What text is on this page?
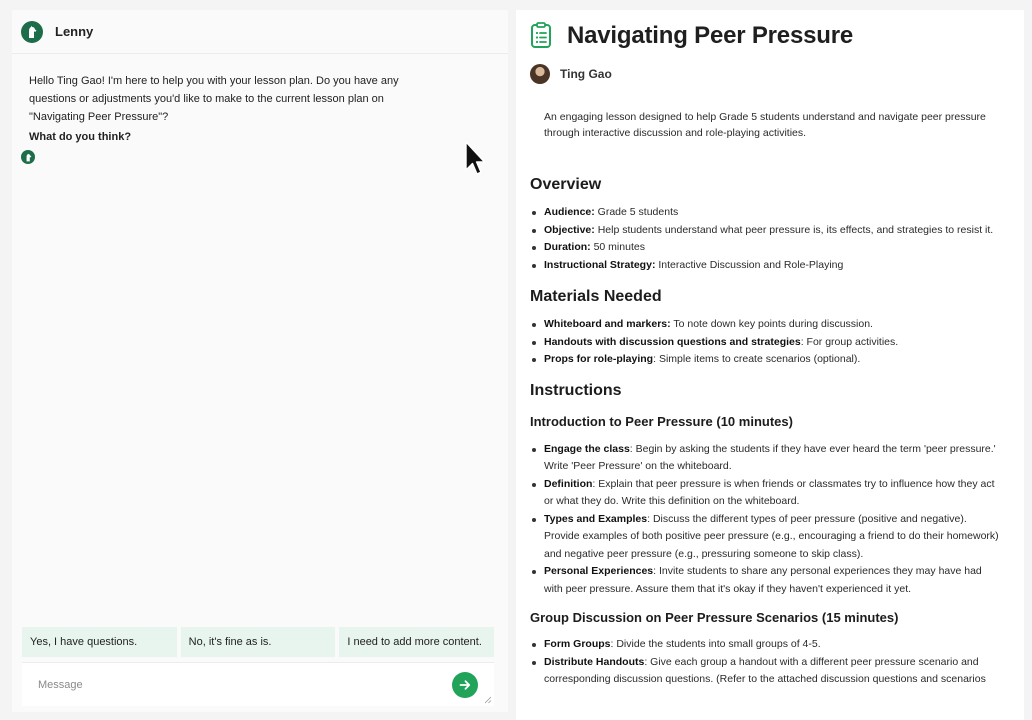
Lenny

Hello Ting Gao! I'm here to help you with your lesson plan. Do you have any questions or adjustments you'd like to make to the current lesson plan on "Navigating Peer Pressure"?

What do you think?

Yes, I have questions.	No, it's fine as is.	I need to add more content.
Message
Navigating Peer Pressure
Ting Gao

An engaging lesson designed to help Grade 5 students understand and navigate peer pressure through interactive discussion and role-playing activities.

Overview
Audience: Grade 5 students
Objective: Help students understand what peer pressure is, its effects, and strategies to resist it.
Duration: 50 minutes
Instructional Strategy: Interactive Discussion and Role-Playing
Materials Needed
Whiteboard and markers: To note down key points during discussion.
Handouts with discussion questions and strategies: For group activities.
Props for role-playing: Simple items to create scenarios (optional).
Instructions
Introduction to Peer Pressure (10 minutes)
Engage the class: Begin by asking the students if they have ever heard the term 'peer pressure.' Write 'Peer Pressure' on the whiteboard.
Definition: Explain that peer pressure is when friends or classmates try to influence how they act or what they do. Write this definition on the whiteboard.
Types and Examples: Discuss the different types of peer pressure (positive and negative). Provide examples of both positive peer pressure (e.g., encouraging a friend to do their homework) and negative peer pressure (e.g., pressuring someone to skip class).
Personal Experiences: Invite students to share any personal experiences they may have had with peer pressure. Assure them that it's okay if they haven't experienced it yet.
Group Discussion on Peer Pressure Scenarios (15 minutes)
Form Groups: Divide the students into small groups of 4-5.
Distribute Handouts: Give each group a handout with a different peer pressure scenario and corresponding discussion questions. (Refer to the attached discussion questions and scenarios
